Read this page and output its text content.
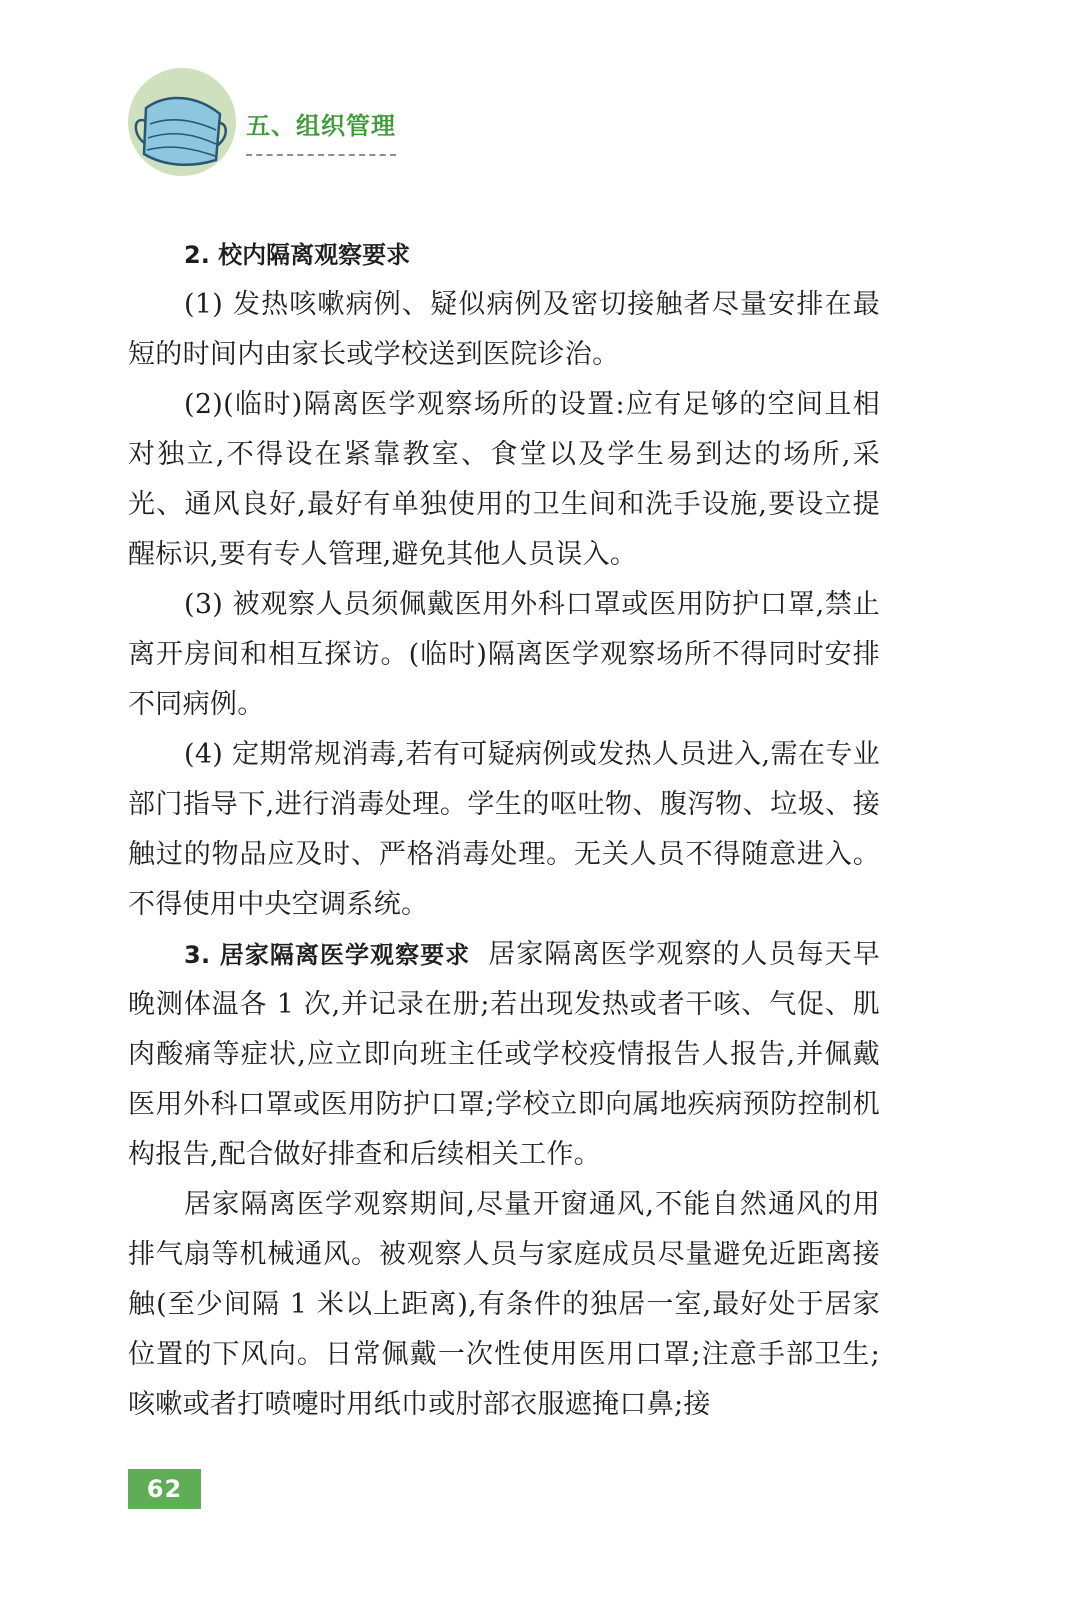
五、组织管理
2. 校内隔离观察要求

(1) 发热咳嗽病例、疑似病例及密切接触者尽量安排在最短的时间内由家长或学校送到医院诊治。

(2)(临时)隔离医学观察场所的设置:应有足够的空间且相对独立,不得设在紧靠教室、食堂以及学生易到达的场所,采光、通风良好,最好有单独使用的卫生间和洗手设施,要设立提醒标识,要有专人管理,避免其他人员误入。

(3) 被观察人员须佩戴医用外科口罩或医用防护口罩,禁止离开房间和相互探访。(临时)隔离医学观察场所不得同时安排不同病例。

(4) 定期常规消毒,若有可疑病例或发热人员进入,需在专业部门指导下,进行消毒处理。学生的呕吐物、腹泻物、垃圾、接触过的物品应及时、严格消毒处理。无关人员不得随意进入。不得使用中央空调系统。

3. 居家隔离医学观察要求 居家隔离医学观察的人员每天早晚测体温各 1 次,并记录在册;若出现发热或者干咳、气促、肌肉酸痛等症状,应立即向班主任或学校疫情报告人报告,并佩戴医用外科口罩或医用防护口罩;学校立即向属地疾病预防控制机构报告,配合做好排查和后续相关工作。

居家隔离医学观察期间,尽量开窗通风,不能自然通风的用排气扇等机械通风。被观察人员与家庭成员尽量避免近距离接触(至少间隔 1 米以上距离),有条件的独居一室,最好处于居家位置的下风向。日常佩戴一次性使用医用口罩;注意手部卫生;咳嗽或者打喷嚏时用纸巾或肘部衣服遮掩口鼻;接

62
